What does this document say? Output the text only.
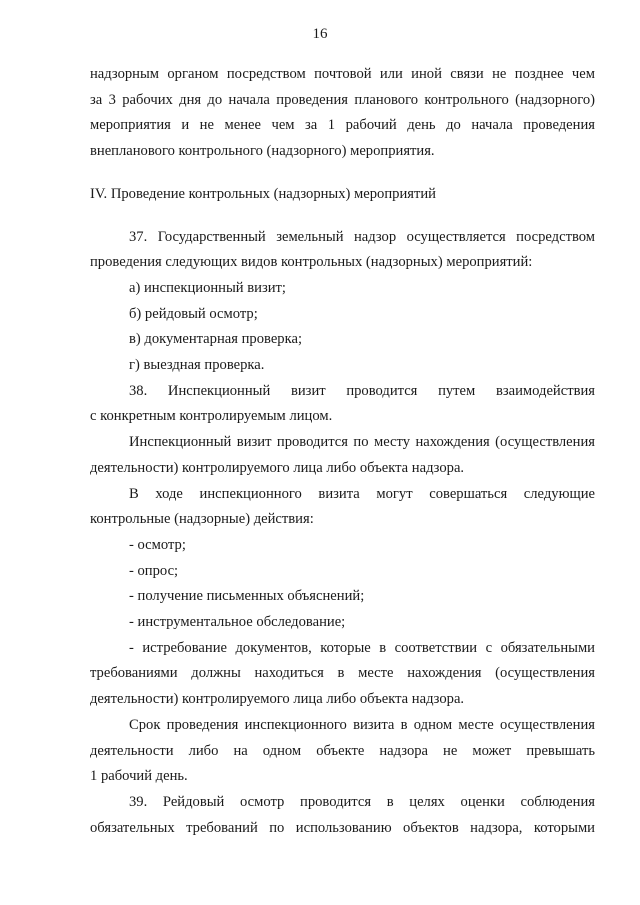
16

надзорным органом посредством почтовой или иной связи не позднее чем
за 3 рабочих дня до начала проведения планового контрольного (надзорного)
мероприятия и не менее чем за 1 рабочий день до начала проведения
внепланового контрольного (надзорного) мероприятия.

IV. Проведение контрольных (надзорных) мероприятий

37. Государственный земельный надзор осуществляется посредством
проведения следующих видов контрольных (надзорных) мероприятий:

а) инспекционный визит;
б) рейдовый осмотр;
в) документарная проверка;
г) выездная проверка.

38. Инспекционный визит проводится путем взаимодействия
с конкретным контролируемым лицом.

Инспекционный визит проводится по месту нахождения (осуществления
деятельности) контролируемого лица либо объекта надзора.

В ходе инспекционного визита могут совершаться следующие
контрольные (надзорные) действия:

- осмотр;
- опрос;
- получение письменных объяснений;
- инструментальное обследование;

- истребование документов, которые в соответствии с обязательными
требованиями должны находиться в месте нахождения (осуществления
деятельности) контролируемого лица либо объекта надзора.

Срок проведения инспекционного визита в одном месте осуществления
деятельности либо на одном объекте надзора не может превышать
1 рабочий день.

39. Рейдовый осмотр проводится в целях оценки соблюдения
обязательных требований по использованию объектов надзора, которыми
